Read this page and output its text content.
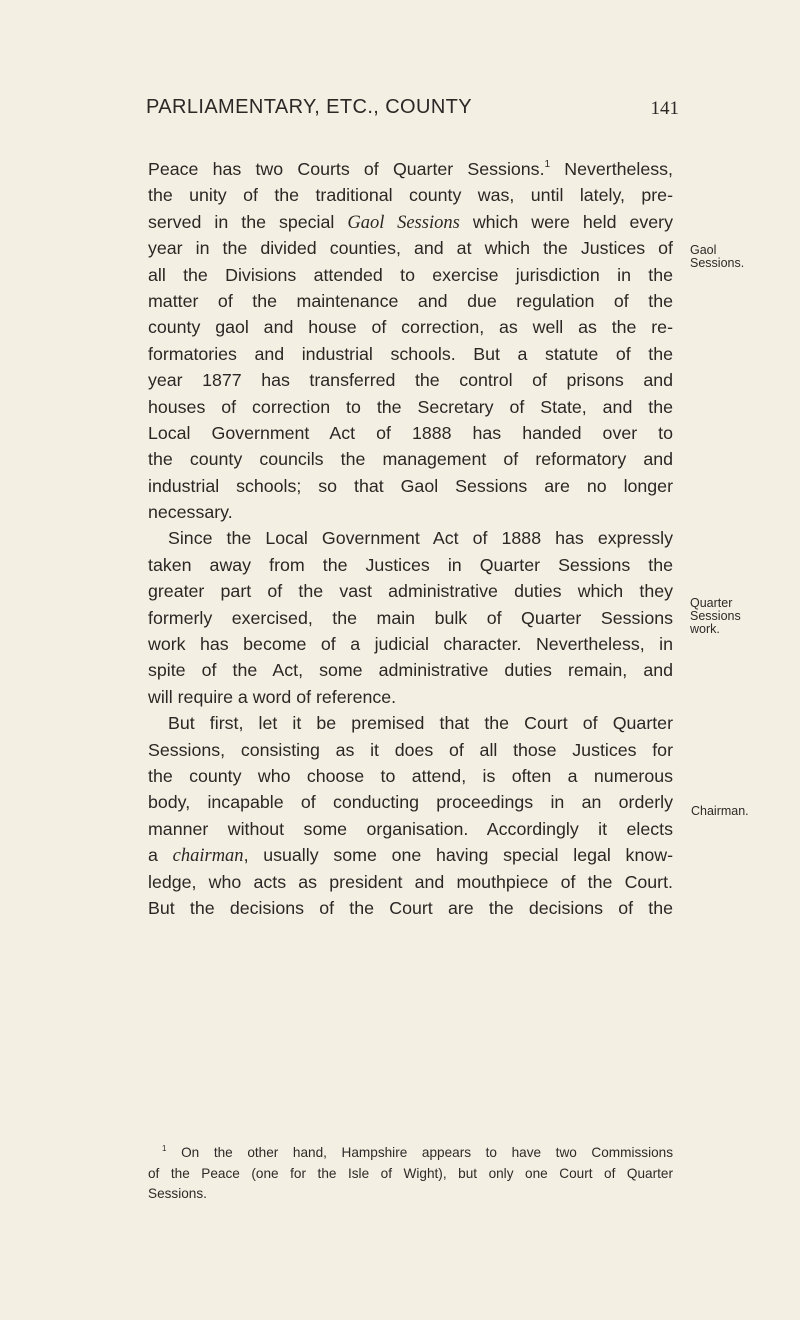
PARLIAMENTARY, ETC., COUNTY	141
Peace has two Courts of Quarter Sessions.$^1$ Nevertheless,
the unity of the traditional county was, until lately, pre-
served in the special Gaol Sessions which were held every
year in the divided counties, and at which the Justices of
all the Divisions attended to exercise jurisdiction in the
matter of the maintenance and due regulation of the
county gaol and house of correction, as well as the re-
formatories and industrial schools. But a statute of the
year 1877 has transferred the control of prisons and
houses of correction to the Secretary of State, and the
Local Government Act of 1888 has handed over to
the county councils the management of reformatory and
industrial schools; so that Gaol Sessions are no longer
necessary.
Since the Local Government Act of 1888 has expressly
taken away from the Justices in Quarter Sessions the
greater part of the vast administrative duties which they
formerly exercised, the main bulk of Quarter Sessions
work has become of a judicial character. Nevertheless, in
spite of the Act, some administrative duties remain, and
will require a word of reference.
But first, let it be premised that the Court of Quarter
Sessions, consisting as it does of all those Justices for
the county who choose to attend, is often a numerous
body, incapable of conducting proceedings in an orderly
manner without some organisation. Accordingly it elects
a chairman, usually some one having special legal know-
ledge, who acts as president and mouthpiece of the Court.
But the decisions of the Court are the decisions of the
Gaol
Sessions.
Quarter
Sessions
work.
Chairman.
$^1$ On the other hand, Hampshire appears to have two Commissions
of the Peace (one for the Isle of Wight), but only one Court of Quarter
Sessions.
